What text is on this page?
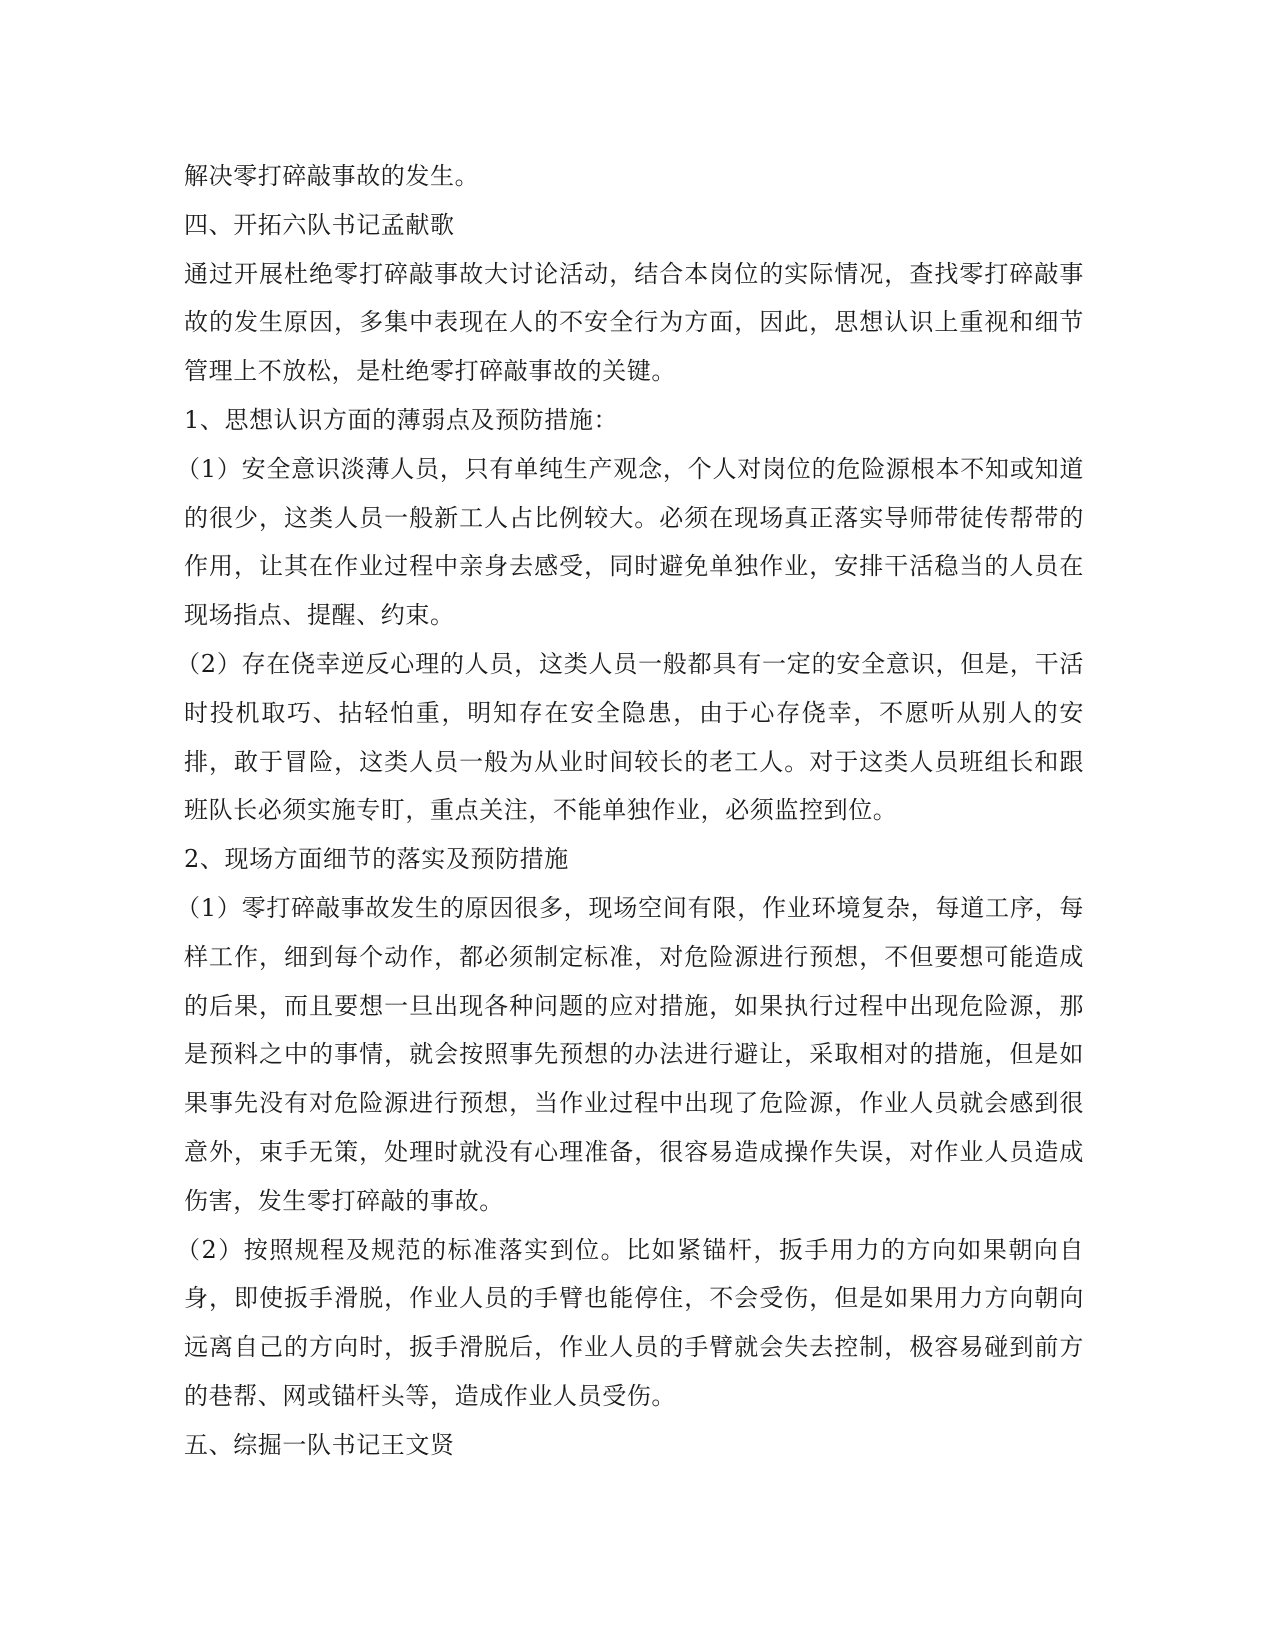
解决零打碎敲事故的发生。

四、开拓六队书记孟献歌

通过开展杜绝零打碎敲事故大讨论活动，结合本岗位的实际情况，查找零打碎敲事故的发生原因，多集中表现在人的不安全行为方面，因此，思想认识上重视和细节管理上不放松，是杜绝零打碎敲事故的关键。

1、思想认识方面的薄弱点及预防措施：

（1）安全意识淡薄人员，只有单纯生产观念，个人对岗位的危险源根本不知或知道的很少，这类人员一般新工人占比例较大。必须在现场真正落实导师带徒传帮带的作用，让其在作业过程中亲身去感受，同时避免单独作业，安排干活稳当的人员在现场指点、提醒、约束。

（2）存在侥幸逆反心理的人员，这类人员一般都具有一定的安全意识，但是，干活时投机取巧、拈轻怕重，明知存在安全隐患，由于心存侥幸，不愿听从别人的安排，敢于冒险，这类人员一般为从业时间较长的老工人。对于这类人员班组长和跟班队长必须实施专盯，重点关注，不能单独作业，必须监控到位。

2、现场方面细节的落实及预防措施

（1）零打碎敲事故发生的原因很多，现场空间有限，作业环境复杂，每道工序，每样工作，细到每个动作，都必须制定标准，对危险源进行预想，不但要想可能造成的后果，而且要想一旦出现各种问题的应对措施，如果执行过程中出现危险源，那是预料之中的事情，就会按照事先预想的办法进行避让，采取相对的措施，但是如果事先没有对危险源进行预想，当作业过程中出现了危险源，作业人员就会感到很意外，束手无策，处理时就没有心理准备，很容易造成操作失误，对作业人员造成伤害，发生零打碎敲的事故。

（2）按照规程及规范的标准落实到位。比如紧锚杆，扳手用力的方向如果朝向自身，即使扳手滑脱，作业人员的手臂也能停住，不会受伤，但是如果用力方向朝向远离自己的方向时，扳手滑脱后，作业人员的手臂就会失去控制，极容易碰到前方的巷帮、网或锚杆头等，造成作业人员受伤。

五、综掘一队书记王文贤
